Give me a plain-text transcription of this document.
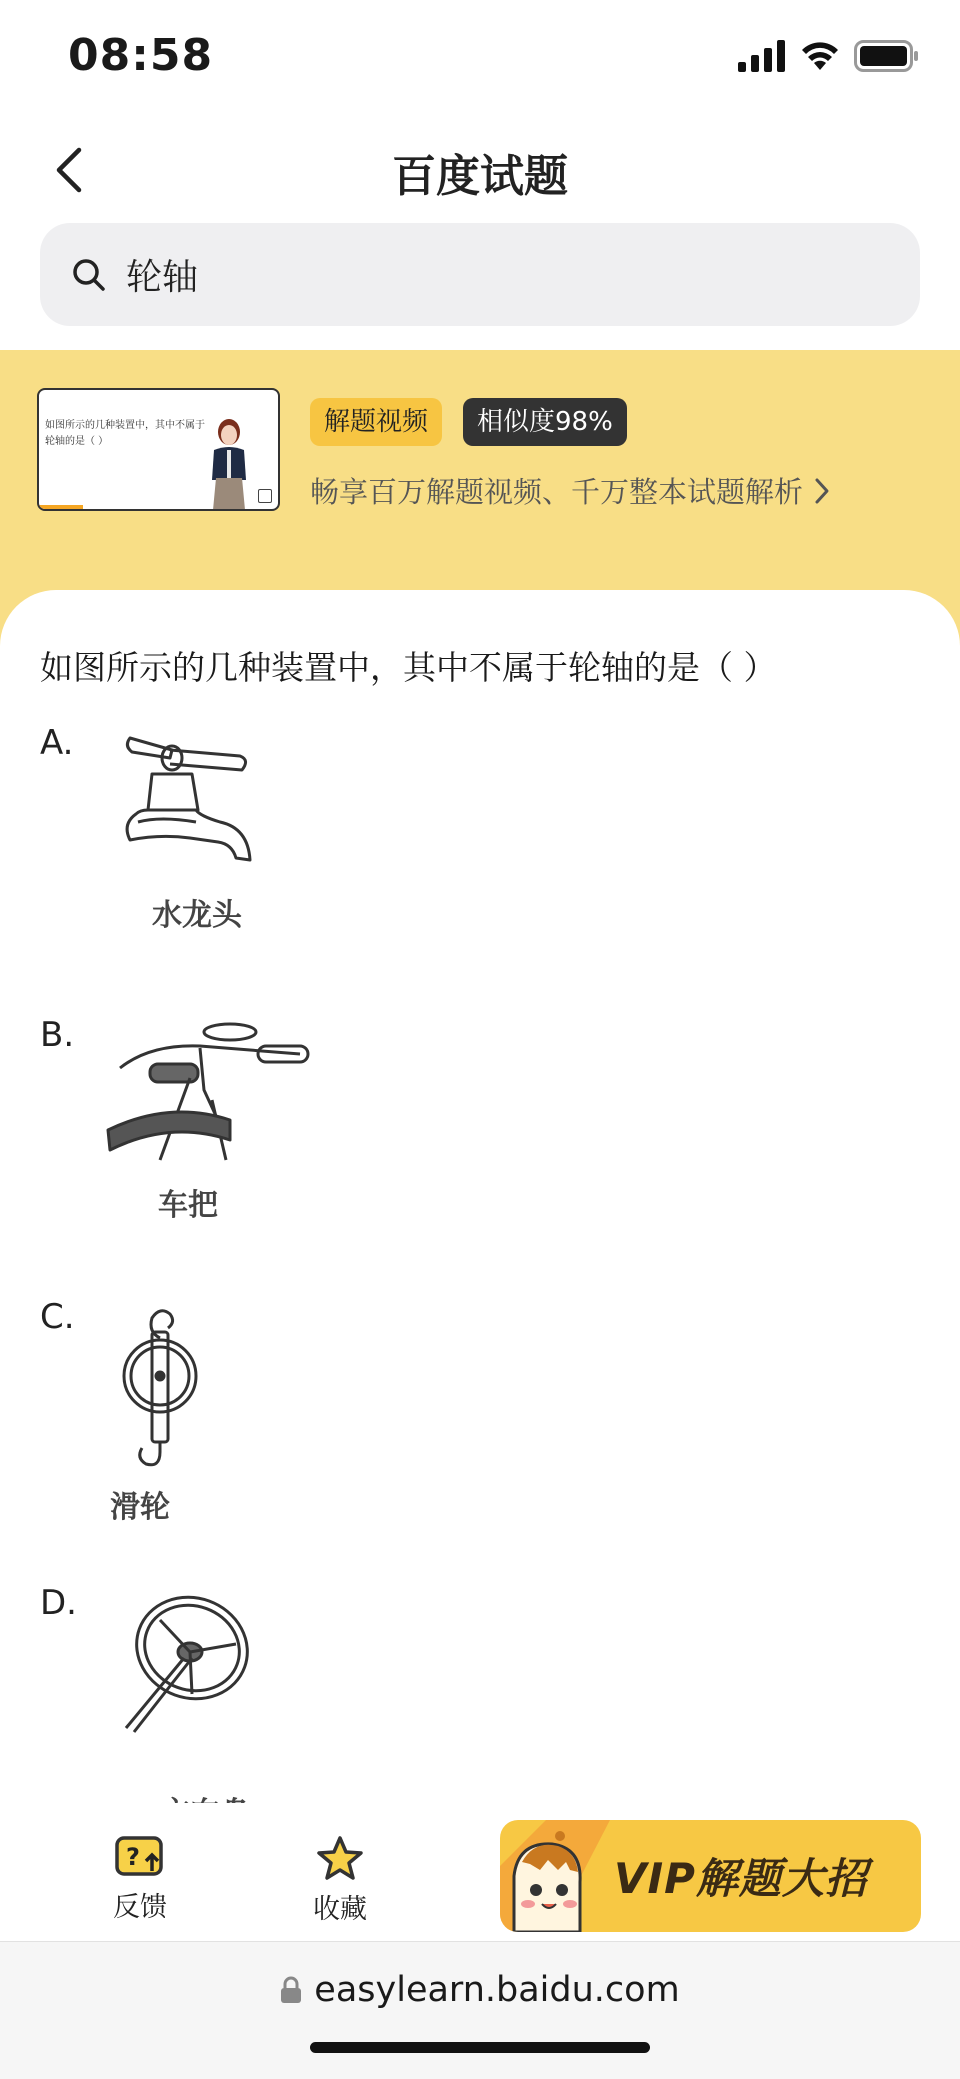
08:58
百度试题
轮轴
如图所示的几种装置中，其中不属于轮轴的是（ ）
解题视频	相似度98%
畅享百万解题视频、千万整本试题解析
如图所示的几种装置中，其中不属于轮轴的是（ ）
A.
水龙头
B.
车把
C.
滑轮
D.
?
反馈	收藏
VIP解题大招
easylearn.baidu.com
